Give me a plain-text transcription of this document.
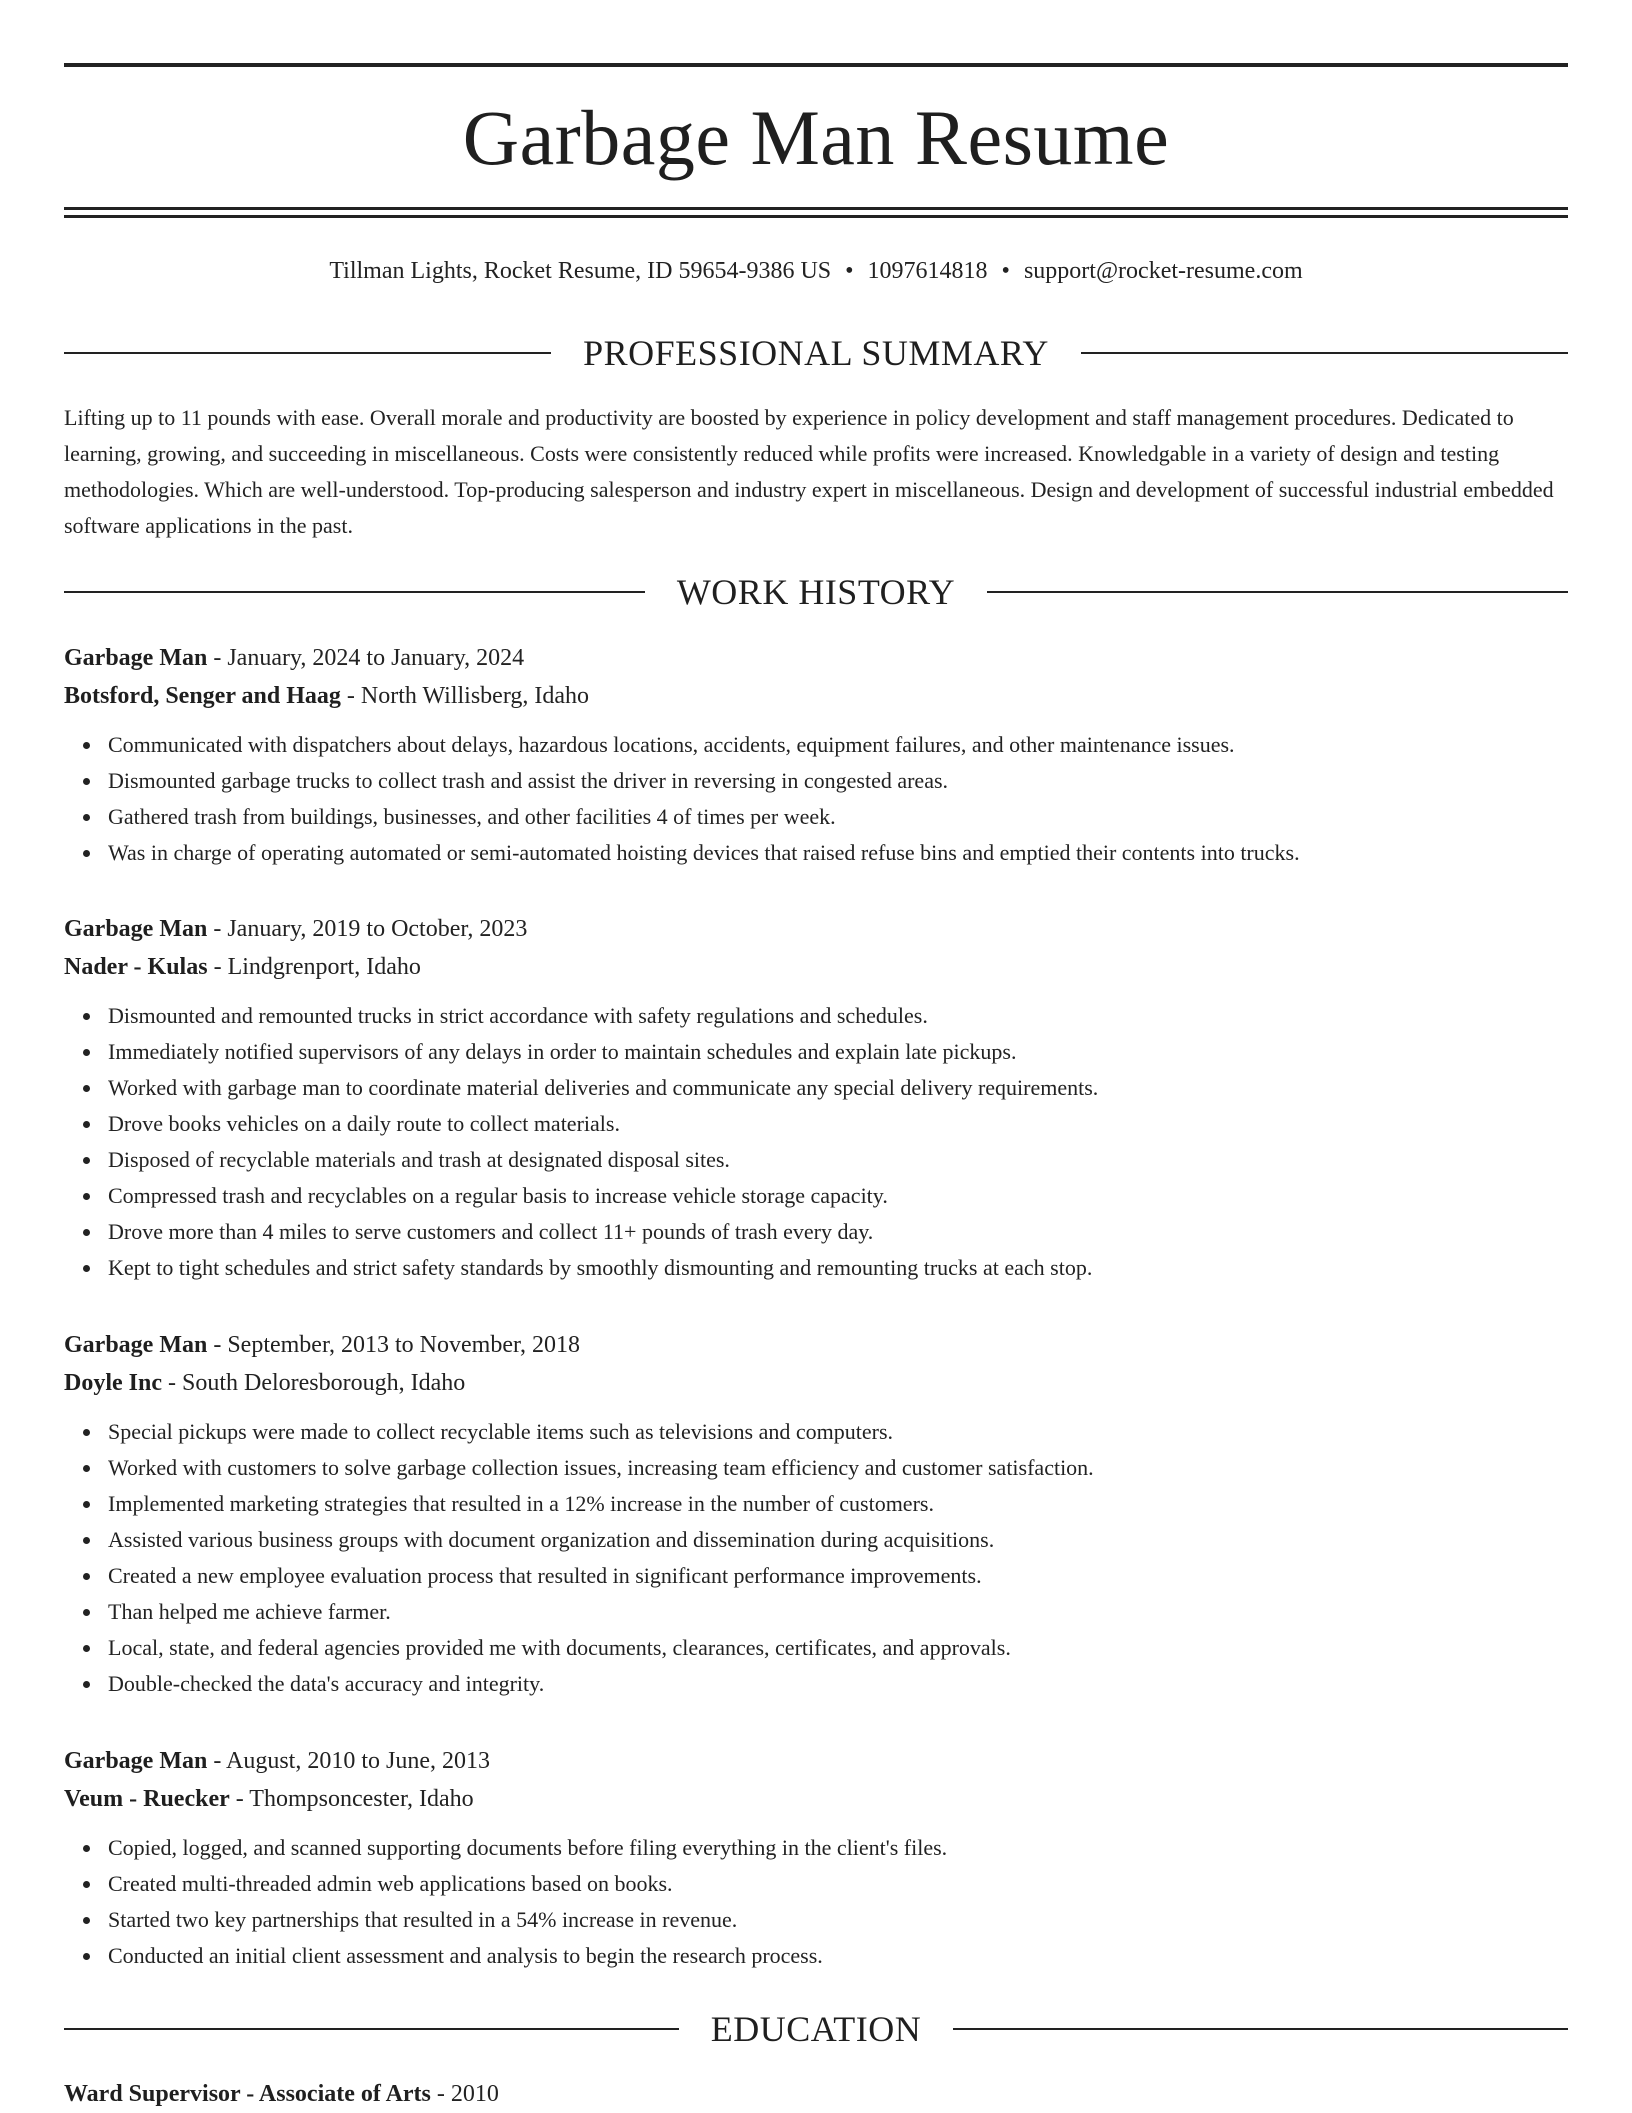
Garbage Man Resume
Tillman Lights, Rocket Resume, ID 59654-9386 US • 1097614818 • support@rocket-resume.com
PROFESSIONAL SUMMARY

Lifting up to 11 pounds with ease. Overall morale and productivity are boosted by experience in policy development and staff management procedures. Dedicated to learning, growing, and succeeding in miscellaneous. Costs were consistently reduced while profits were increased. Knowledgable in a variety of design and testing methodologies. Which are well-understood. Top-producing salesperson and industry expert in miscellaneous. Design and development of successful industrial embedded software applications in the past.

WORK HISTORY

Garbage Man - January, 2024 to January, 2024

Botsford, Senger and Haag - North Willisberg, Idaho

Communicated with dispatchers about delays, hazardous locations, accidents, equipment failures, and other maintenance issues.
Dismounted garbage trucks to collect trash and assist the driver in reversing in congested areas.
Gathered trash from buildings, businesses, and other facilities 4 of times per week.
Was in charge of operating automated or semi-automated hoisting devices that raised refuse bins and emptied their contents into trucks.

Garbage Man - January, 2019 to October, 2023

Nader - Kulas - Lindgrenport, Idaho

Dismounted and remounted trucks in strict accordance with safety regulations and schedules.
Immediately notified supervisors of any delays in order to maintain schedules and explain late pickups.
Worked with garbage man to coordinate material deliveries and communicate any special delivery requirements.
Drove books vehicles on a daily route to collect materials.
Disposed of recyclable materials and trash at designated disposal sites.
Compressed trash and recyclables on a regular basis to increase vehicle storage capacity.
Drove more than 4 miles to serve customers and collect 11+ pounds of trash every day.
Kept to tight schedules and strict safety standards by smoothly dismounting and remounting trucks at each stop.

Garbage Man - September, 2013 to November, 2018

Doyle Inc - South Deloresborough, Idaho

Special pickups were made to collect recyclable items such as televisions and computers.
Worked with customers to solve garbage collection issues, increasing team efficiency and customer satisfaction.
Implemented marketing strategies that resulted in a 12% increase in the number of customers.
Assisted various business groups with document organization and dissemination during acquisitions.
Created a new employee evaluation process that resulted in significant performance improvements.
Than helped me achieve farmer.
Local, state, and federal agencies provided me with documents, clearances, certificates, and approvals.
Double-checked the data's accuracy and integrity.

Garbage Man - August, 2010 to June, 2013

Veum - Ruecker - Thompsoncester, Idaho

Copied, logged, and scanned supporting documents before filing everything in the client's files.
Created multi-threaded admin web applications based on books.
Started two key partnerships that resulted in a 54% increase in revenue.
Conducted an initial client assessment and analysis to begin the research process.
EDUCATION

Ward Supervisor - Associate of Arts - 2010
